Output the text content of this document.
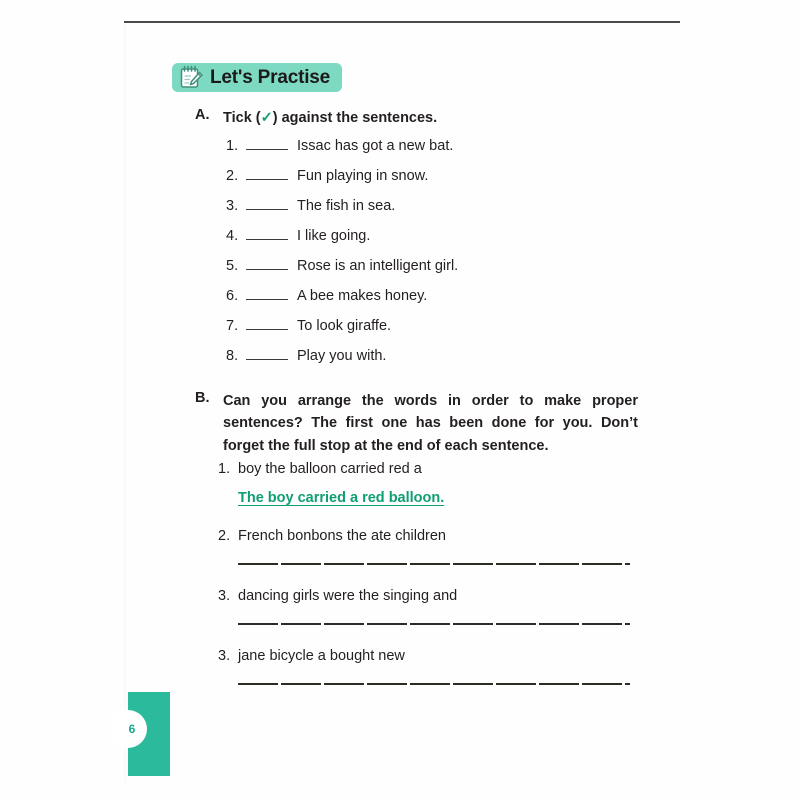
Let's Practise
A. Tick (✓) against the sentences.
1.	Issac has got a new bat.
2.	Fun playing in snow.
3.	The fish in sea.
4.	I like going.
5.	Rose is an intelligent girl.
6.	A bee makes honey.
7.	To look giraffe.
8.	Play you with.
B. Can you arrange the words in order to make proper sentences? The first one has been done for you. Don’t forget the full stop at the end of each sentence.
1. boy the balloon carried red a
The boy carried a red balloon.
2. French bonbons the ate children
3. dancing girls were the singing and
3. jane bicycle a bought new
6
